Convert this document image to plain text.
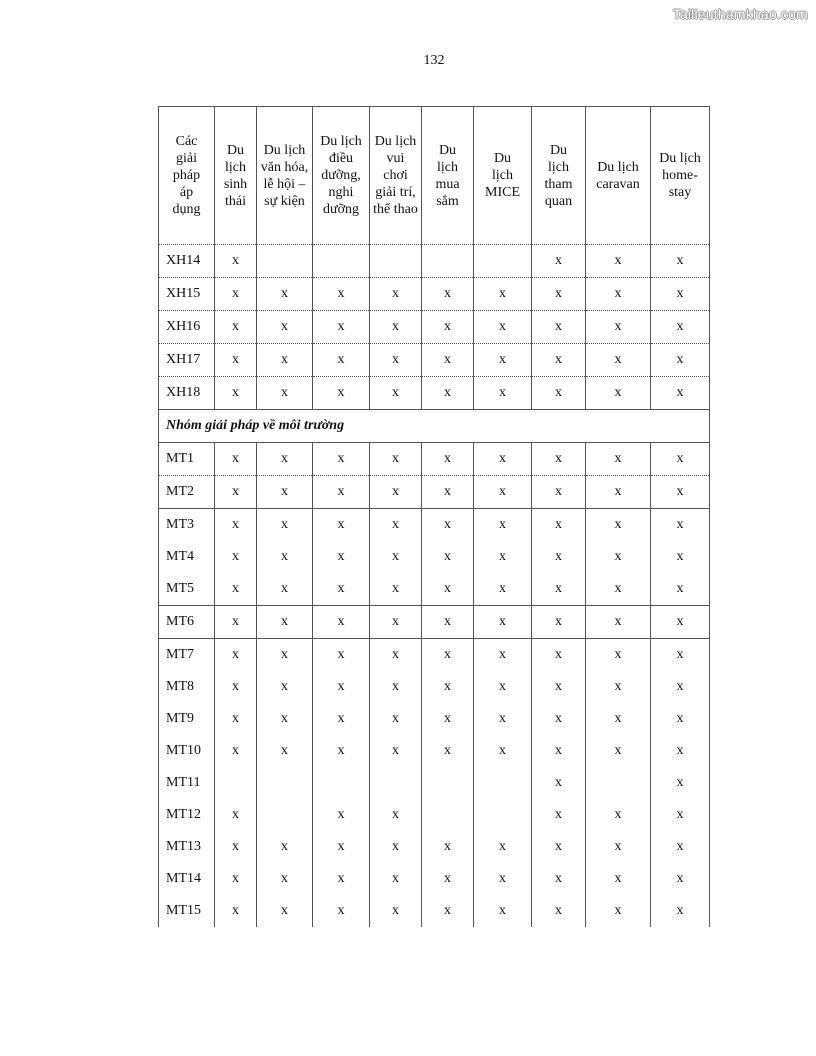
Tailieuthamkhao.com
132
Các giải pháp áp dụng	Du lịch sinh thái	Du lịch văn hóa, lễ hội – sự kiện	Du lịch điều dưỡng, nghi dưỡng	Du lịch vui chơi giải trí, thể thao	Du lịch mua sắm	Du lịch MICE	Du lịch tham quan	Du lịch caravan	Du lịch home-stay
XH14	x						x	x	x
XH15	x	x	x	x	x	x	x	x	x
XH16	x	x	x	x	x	x	x	x	x
XH17	x	x	x	x	x	x	x	x	x
XH18	x	x	x	x	x	x	x	x	x
Nhóm giải pháp về môi trường									
MT1	x	x	x	x	x	x	x	x	x
MT2	x	x	x	x	x	x	x	x	x
MT3	x	x	x	x	x	x	x	x	x
MT4	x	x	x	x	x	x	x	x	x
MT5	x	x	x	x	x	x	x	x	x
MT6	x	x	x	x	x	x	x	x	x
MT7	x	x	x	x	x	x	x	x	x
MT8	x	x	x	x	x	x	x	x	x
MT9	x	x	x	x	x	x	x	x	x
MT10	x	x	x	x	x	x	x	x	x
MT11							x		x
MT12	x		x	x			x	x	x
MT13	x	x	x	x	x	x	x	x	x
MT14	x	x	x	x	x	x	x	x	x
MT15	x	x	x	x	x	x	x	x	x
